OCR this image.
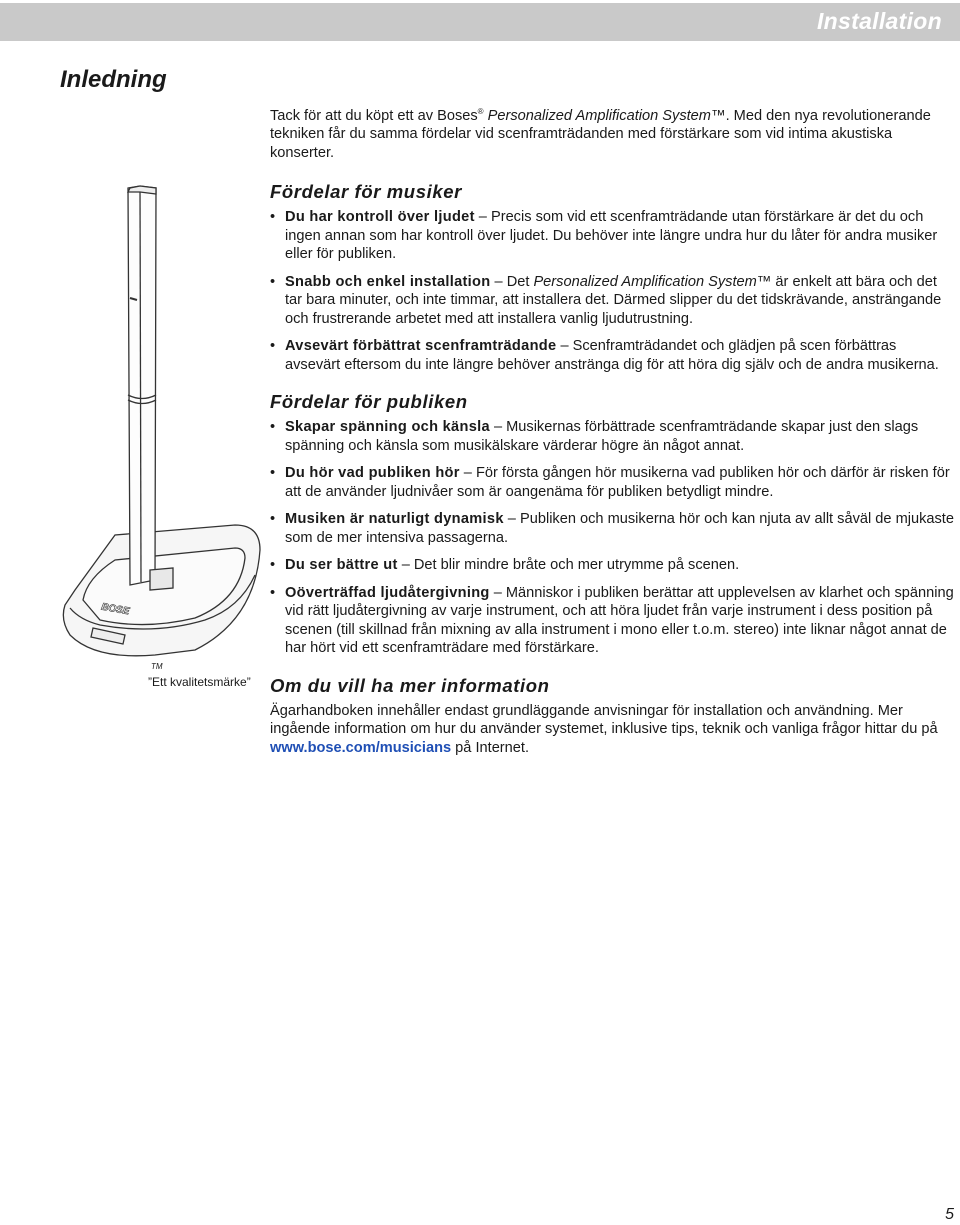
Installation
Inledning
BOSE
TM
”Ett kvalitetsmärke”

Tack för att du köpt ett av Boses® Personalized Amplification System™. Med den nya revolutionerande tekniken får du samma fördelar vid scenframträdanden med förstärkare som vid intima akustiska konserter.

Fördelar för musiker
• Du har kontroll över ljudet – Precis som vid ett scenframträdande utan förstärkare är det du och ingen annan som har kontroll över ljudet. Du behöver inte längre undra hur du låter för andra musiker eller för publiken.
• Snabb och enkel installation – Det Personalized Amplification System™ är enkelt att bära och det tar bara minuter, och inte timmar, att installera det. Därmed slipper du det tidskrävande, ansträngande och frustrerande arbetet med att installera vanlig ljudutrustning.
• Avsevärt förbättrat scenframträdande – Scenframträdandet och glädjen på scen förbättras avsevärt eftersom du inte längre behöver anstränga dig för att höra dig själv och de andra musikerna.
Fördelar för publiken
• Skapar spänning och känsla – Musikernas förbättrade scenframträdande skapar just den slags spänning och känsla som musikälskare värderar högre än något annat.
• Du hör vad publiken hör – För första gången hör musikerna vad publiken hör och därför är risken för att de använder ljudnivåer som är oangenäma för publiken betydligt mindre.
• Musiken är naturligt dynamisk – Publiken och musikerna hör och kan njuta av allt såväl de mjukaste som de mer intensiva passagerna.
• Du ser bättre ut – Det blir mindre bråte och mer utrymme på scenen.
• Oöverträffad ljudåtergivning – Människor i publiken berättar att upplevelsen av klarhet och spänning vid rätt ljudåtergivning av varje instrument, och att höra ljudet från varje instrument i dess position på scenen (till skillnad från mixning av alla instrument i mono eller t.o.m. stereo) inte liknar något annat de har hört vid ett scenframträdare med förstärkare.
Om du vill ha mer information

Ägarhandboken innehåller endast grundläggande anvisningar för installation och användning. Mer ingående information om hur du använder systemet, inklusive tips, teknik och vanliga frågor hittar du på www.bose.com/musicians på Internet.

5
